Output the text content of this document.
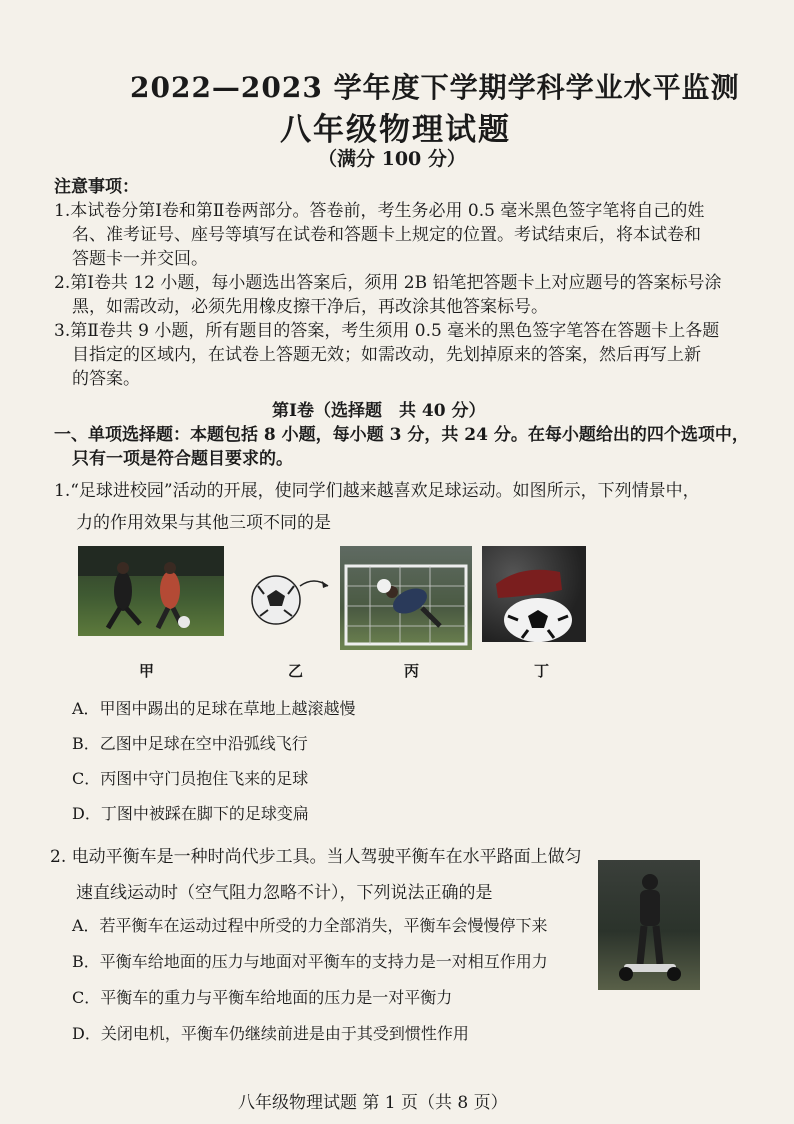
2022—2023 学年度下学期学科学业水平监测
八年级物理试题
（满分 100 分）
注意事项：
1.本试卷分第Ⅰ卷和第Ⅱ卷两部分。答卷前，考生务必用 0.5 毫米黑色签字笔将自己的姓
名、准考证号、座号等填写在试卷和答题卡上规定的位置。考试结束后，将本试卷和
答题卡一并交回。
2.第Ⅰ卷共 12 小题，每小题选出答案后，须用 2B 铅笔把答题卡上对应题号的答案标号涂
黑，如需改动，必须先用橡皮擦干净后，再改涂其他答案标号。
3.第Ⅱ卷共 9 小题，所有题目的答案，考生须用 0.5 毫米的黑色签字笔答在答题卡上各题
目指定的区域内，在试卷上答题无效；如需改动，先划掉原来的答案，然后再写上新
的答案。
第Ⅰ卷（选择题　共 40 分）
一、单项选择题：本题包括 8 小题，每小题 3 分，共 24 分。在每小题给出的四个选项中，
只有一项是符合题目要求的。
1.“足球进校园”活动的开展，使同学们越来越喜欢足球运动。如图所示，下列情景中，
力的作用效果与其他三项不同的是
甲	乙	丙	丁
A．甲图中踢出的足球在草地上越滚越慢
B．乙图中足球在空中沿弧线飞行
C．丙图中守门员抱住飞来的足球
D．丁图中被踩在脚下的足球变扁
2. 电动平衡车是一种时尚代步工具。当人驾驶平衡车在水平路面上做匀
速直线运动时（空气阻力忽略不计），下列说法正确的是
A．若平衡车在运动过程中所受的力全部消失，平衡车会慢慢停下来
B．平衡车给地面的压力与地面对平衡车的支持力是一对相互作用力
C．平衡车的重力与平衡车给地面的压力是一对平衡力
D．关闭电机，平衡车仍继续前进是由于其受到惯性作用
八年级物理试题 第 1 页（共 8 页）
